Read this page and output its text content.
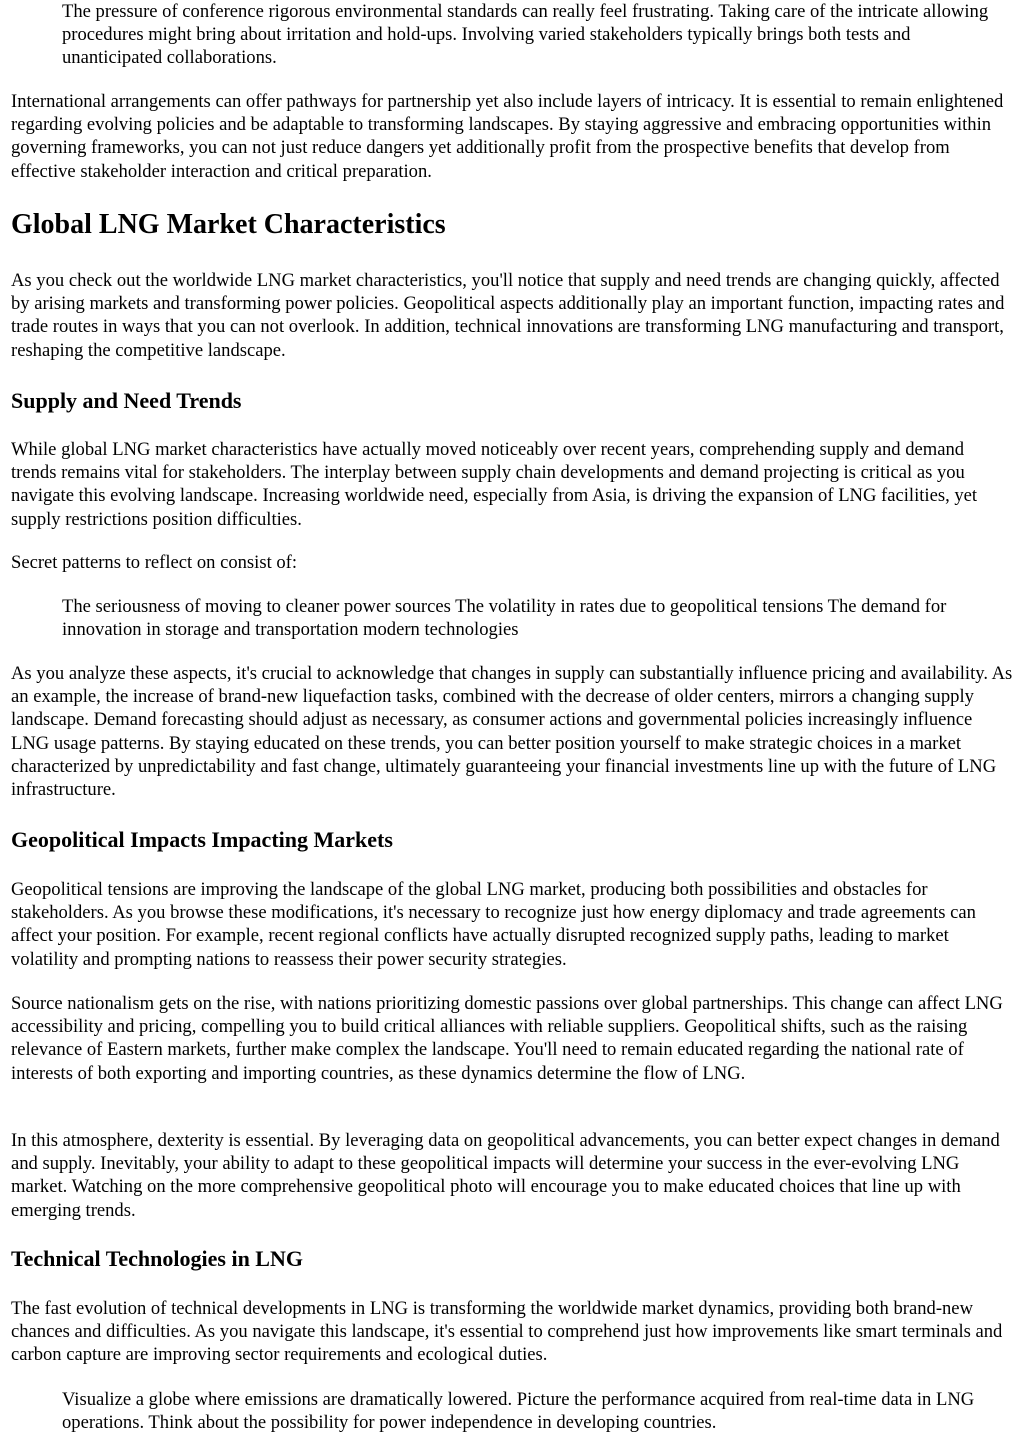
The pressure of conference rigorous environmental standards can really feel frustrating. Taking care of the intricate allowing procedures might bring about irritation and hold-ups. Involving varied stakeholders typically brings both tests and unanticipated collaborations.

International arrangements can offer pathways for partnership yet also include layers of intricacy. It is essential to remain enlightened regarding evolving policies and be adaptable to transforming landscapes. By staying aggressive and embracing opportunities within governing frameworks, you can not just reduce dangers yet additionally profit from the prospective benefits that develop from effective stakeholder interaction and critical preparation.

Global LNG Market Characteristics

As you check out the worldwide LNG market characteristics, you'll notice that supply and need trends are changing quickly, affected by arising markets and transforming power policies. Geopolitical aspects additionally play an important function, impacting rates and trade routes in ways that you can not overlook. In addition, technical innovations are transforming LNG manufacturing and transport, reshaping the competitive landscape.

Supply and Need Trends

While global LNG market characteristics have actually moved noticeably over recent years, comprehending supply and demand trends remains vital for stakeholders. The interplay between supply chain developments and demand projecting is critical as you navigate this evolving landscape. Increasing worldwide need, especially from Asia, is driving the expansion of LNG facilities, yet supply restrictions position difficulties.

Secret patterns to reflect on consist of:

The seriousness of moving to cleaner power sources The volatility in rates due to geopolitical tensions The demand for innovation in storage and transportation modern technologies

As you analyze these aspects, it's crucial to acknowledge that changes in supply can substantially influence pricing and availability. As an example, the increase of brand-new liquefaction tasks, combined with the decrease of older centers, mirrors a changing supply landscape. Demand forecasting should adjust as necessary, as consumer actions and governmental policies increasingly influence LNG usage patterns. By staying educated on these trends, you can better position yourself to make strategic choices in a market characterized by unpredictability and fast change, ultimately guaranteeing your financial investments line up with the future of LNG infrastructure.

Geopolitical Impacts Impacting Markets

Geopolitical tensions are improving the landscape of the global LNG market, producing both possibilities and obstacles for stakeholders. As you browse these modifications, it's necessary to recognize just how energy diplomacy and trade agreements can affect your position. For example, recent regional conflicts have actually disrupted recognized supply paths, leading to market volatility and prompting nations to reassess their power security strategies.

Source nationalism gets on the rise, with nations prioritizing domestic passions over global partnerships. This change can affect LNG accessibility and pricing, compelling you to build critical alliances with reliable suppliers. Geopolitical shifts, such as the raising relevance of Eastern markets, further make complex the landscape. You'll need to remain educated regarding the national rate of interests of both exporting and importing countries, as these dynamics determine the flow of LNG.

In this atmosphere, dexterity is essential. By leveraging data on geopolitical advancements, you can better expect changes in demand and supply. Inevitably, your ability to adapt to these geopolitical impacts will determine your success in the ever-evolving LNG market. Watching on the more comprehensive geopolitical photo will encourage you to make educated choices that line up with emerging trends.

Technical Technologies in LNG

The fast evolution of technical developments in LNG is transforming the worldwide market dynamics, providing both brand-new chances and difficulties. As you navigate this landscape, it's essential to comprehend just how improvements like smart terminals and carbon capture are improving sector requirements and ecological duties.

Visualize a globe where emissions are dramatically lowered. Picture the performance acquired from real-time data in LNG operations. Think about the possibility for power independence in developing countries.
